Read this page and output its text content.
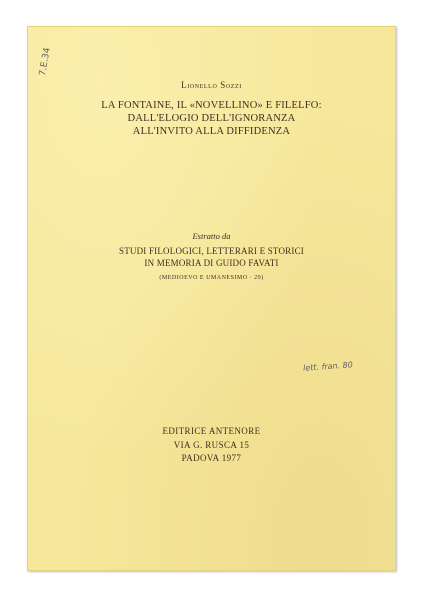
7.E.34
Lionello Sozzi
LA FONTAINE, IL «NOVELLINO» E FILELFO:
DALL'ELOGIO DELL'IGNORANZA
ALL'INVITO ALLA DIFFIDENZA
Estratto da
STUDI FILOLOGICI, LETTERARI E STORICI
IN MEMORIA DI GUIDO FAVATI
(MEDIOEVO E UMANESIMO · 29)
lett. fran. 80
EDITRICE ANTENORE
VIA G. RUSCA 15
PADOVA 1977
